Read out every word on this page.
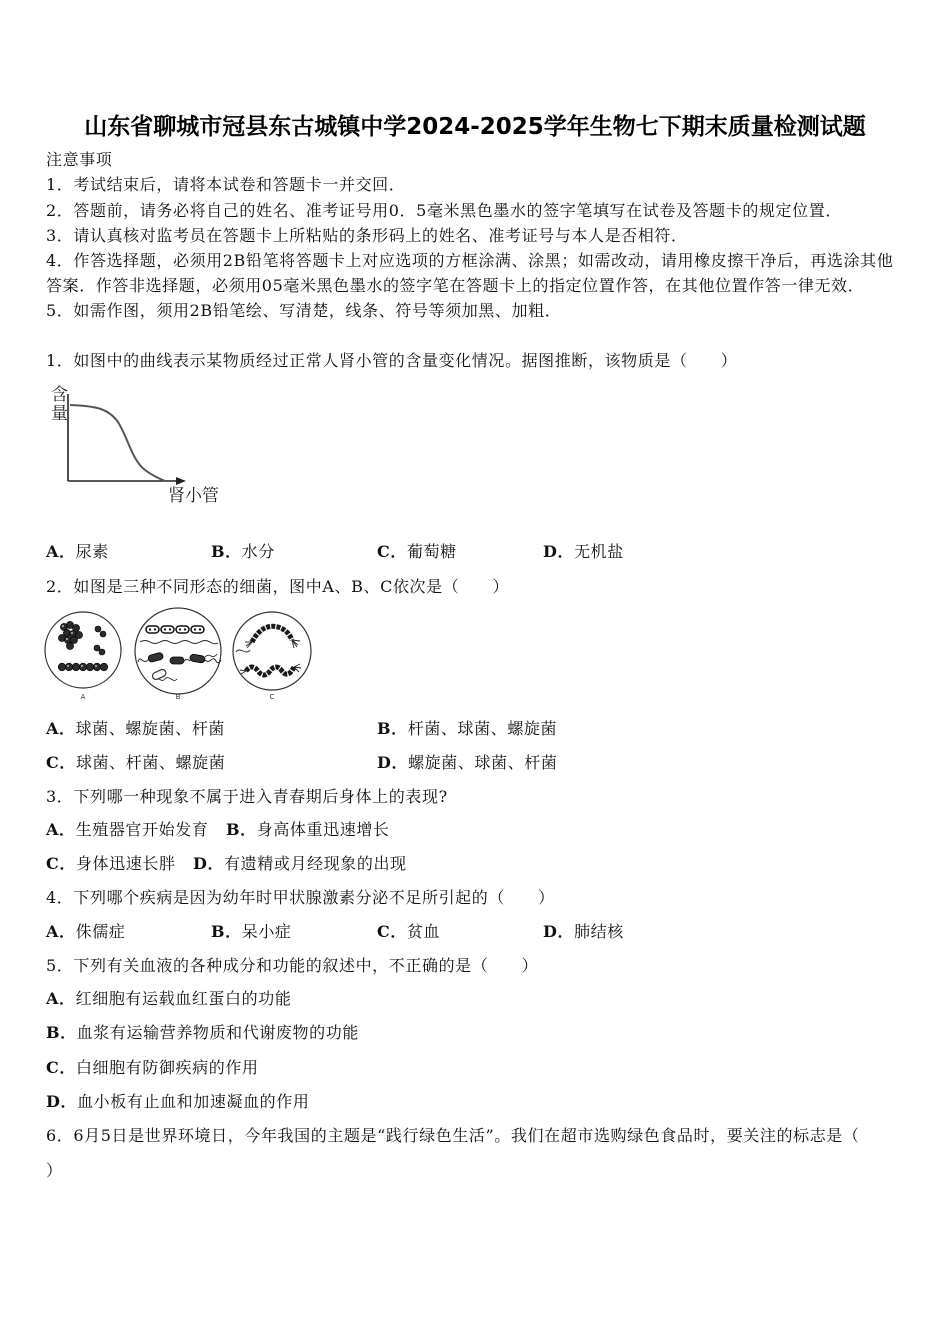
山东省聊城市冠县东古城镇中学2024-2025学年生物七下期末质量检测试题
注意事项
1．考试结束后，请将本试卷和答题卡一并交回．
2．答题前，请务必将自己的姓名、准考证号用0．5毫米黑色墨水的签字笔填写在试卷及答题卡的规定位置．
3．请认真核对监考员在答题卡上所粘贴的条形码上的姓名、准考证号与本人是否相符．
4．作答选择题，必须用2B铅笔将答题卡上对应选项的方框涂满、涂黑；如需改动，请用橡皮擦干净后，再选涂其他
答案．作答非选择题，必须用05毫米黑色墨水的签字笔在答题卡上的指定位置作答，在其他位置作答一律无效．
5．如需作图，须用2B铅笔绘、写清楚，线条、符号等须加黑、加粗．
1．如图中的曲线表示某物质经过正常人肾小管的含量变化情况。据图推断，该物质是（　　）
含量
肾小管
A．尿素	B．水分	C．葡萄糖	D．无机盐
2．如图是三种不同形态的细菌，图中A、B、C依次是（　　）
A	B	C
A．球菌、螺旋菌、杆菌	B．杆菌、球菌、螺旋菌
C．球菌、杆菌、螺旋菌	D．螺旋菌、球菌、杆菌
3．下列哪一种现象不属于进入青春期后身体上的表现?
A．生殖器官开始发育 B．身高体重迅速增长
C．身体迅速长胖 D．有遗精或月经现象的出现
4．下列哪个疾病是因为幼年时甲状腺激素分泌不足所引起的（　　）
A．侏儒症	B．呆小症	C．贫血	D．肺结核
5．下列有关血液的各种成分和功能的叙述中，不正确的是（　　）
A．红细胞有运载血红蛋白的功能
B．血浆有运输营养物质和代谢废物的功能
C．白细胞有防御疾病的作用
D．血小板有止血和加速凝血的作用
6．6月5日是世界环境日，今年我国的主题是“践行绿色生活”。我们在超市选购绿色食品时，要关注的标志是（
）
